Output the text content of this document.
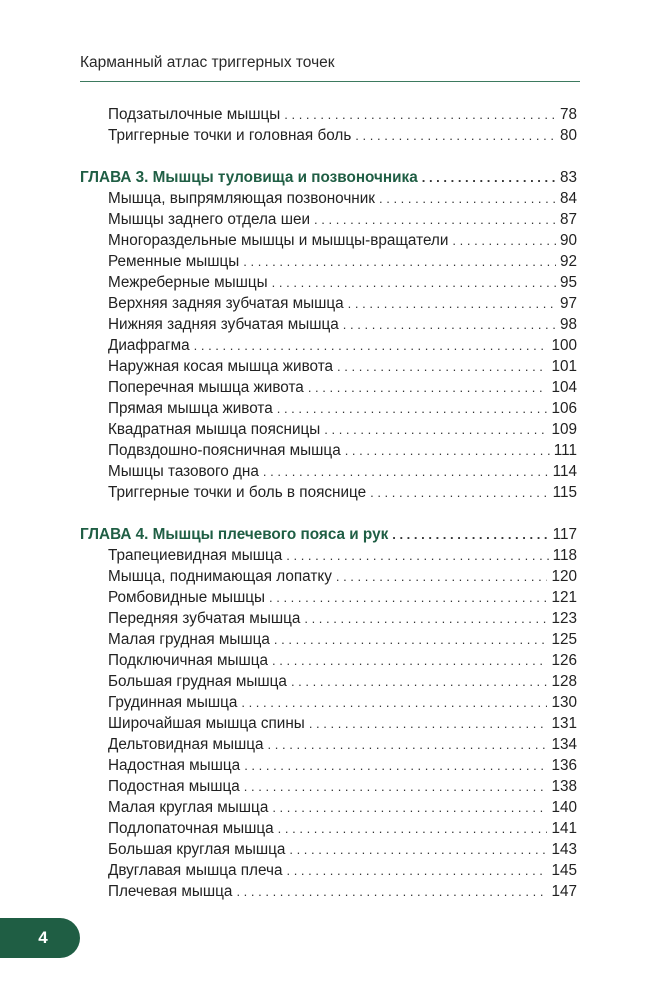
Карманный атлас триггерных точек
Подзатылочные мышцы . . .	78
Триггерные точки и головная боль . . .	80
ГЛАВА 3. Мышцы туловища и позвоночника . . .	83
Мышца, выпрямляющая позвоночник . . .	84
Мышцы заднего отдела шеи . . .	87
Многораздельные мышцы и мышцы-вращатели . . .	90
Ременные мышцы . . .	92
Межреберные мышцы . . .	95
Верхняя задняя зубчатая мышца . . .	97
Нижняя задняя зубчатая мышца . . .	98
Диафрагма . . .	100
Наружная косая мышца живота . . .	101
Поперечная мышца живота . . .	104
Прямая мышца живота . . .	106
Квадратная мышца поясницы . . .	109
Подвздошно-поясничная мышца . . .	111
Мышцы тазового дна . . .	114
Триггерные точки и боль в пояснице . . .	115
ГЛАВА 4. Мышцы плечевого пояса и рук . . .	117
Трапециевидная мышца . . .	118
Мышца, поднимающая лопатку . . .	120
Ромбовидные мышцы . . .	121
Передняя зубчатая мышца . . .	123
Малая грудная мышца . . .	125
Подключичная мышца . . .	126
Большая грудная мышца . . .	128
Грудинная мышца . . .	130
Широчайшая мышца спины . . .	131
Дельтовидная мышца . . .	134
Надостная мышца . . .	136
Подостная мышца . . .	138
Малая круглая мышца . . .	140
Подлопаточная мышца . . .	141
Большая круглая мышца . . .	143
Двуглавая мышца плеча . . .	145
Плечевая мышца . . .	147
4
